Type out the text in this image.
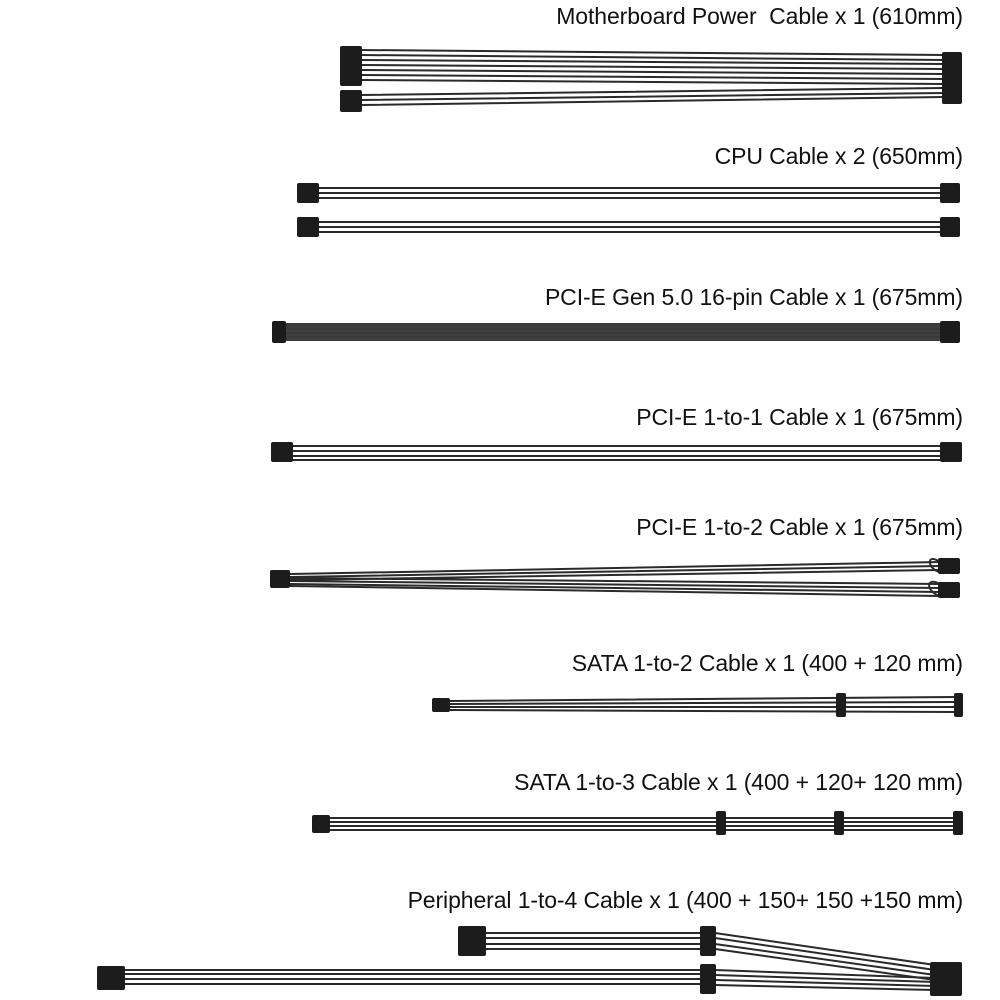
Motherboard Power  Cable x 1 (610mm)
CPU Cable x 2 (650mm)
PCI-E Gen 5.0 16-pin Cable x 1 (675mm)
PCI-E 1-to-1 Cable x 1 (675mm)
PCI-E 1-to-2 Cable x 1 (675mm)
SATA 1-to-2 Cable x 1 (400 + 120 mm)
SATA 1-to-3 Cable x 1 (400 + 120+ 120 mm)
Peripheral 1-to-4 Cable x 1 (400 + 150+ 150 +150 mm)
